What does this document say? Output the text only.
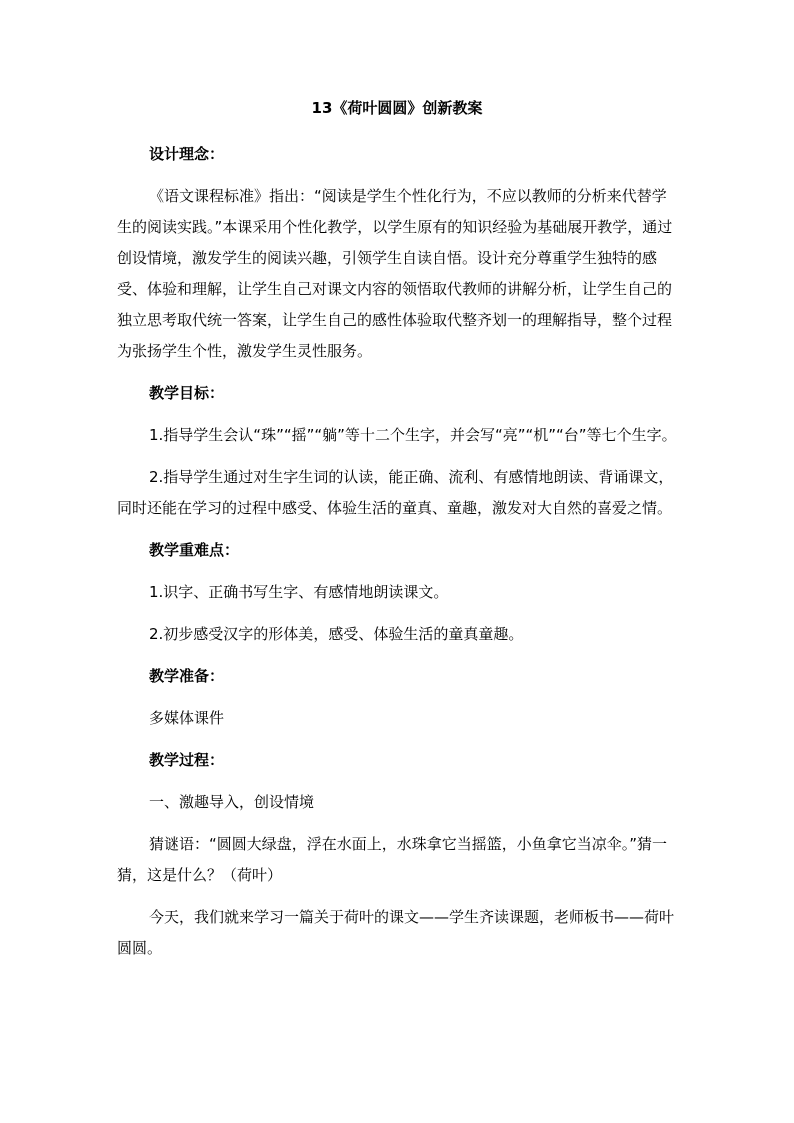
13《荷叶圆圆》创新教案
设计理念：
《语文课程标准》指出：“阅读是学生个性化行为，不应以教师的分析来代替学生的阅读实践。”本课采用个性化教学，以学生原有的知识经验为基础展开教学，通过创设情境，激发学生的阅读兴趣，引领学生自读自悟。设计充分尊重学生独特的感受、体验和理解，让学生自己对课文内容的领悟取代教师的讲解分析，让学生自己的独立思考取代统一答案，让学生自己的感性体验取代整齐划一的理解指导，整个过程为张扬学生个性，激发学生灵性服务。
教学目标：
1.指导学生会认“珠”“摇”“躺”等十二个生字，并会写“亮”“机”“台”等七个生字。
2.指导学生通过对生字生词的认读，能正确、流利、有感情地朗读、背诵课文，同时还能在学习的过程中感受、体验生活的童真、童趣，激发对大自然的喜爱之情。
教学重难点：
1.识字、正确书写生字、有感情地朗读课文。
2.初步感受汉字的形体美，感受、体验生活的童真童趣。
教学准备：
多媒体课件
教学过程：
一、激趣导入，创设情境
猜谜语：“圆圆大绿盘，浮在水面上，水珠拿它当摇篮，小鱼拿它当凉伞。”猜一猜，这是什么？（荷叶）
今天，我们就来学习一篇关于荷叶的课文——学生齐读课题，老师板书——荷叶圆圆。
